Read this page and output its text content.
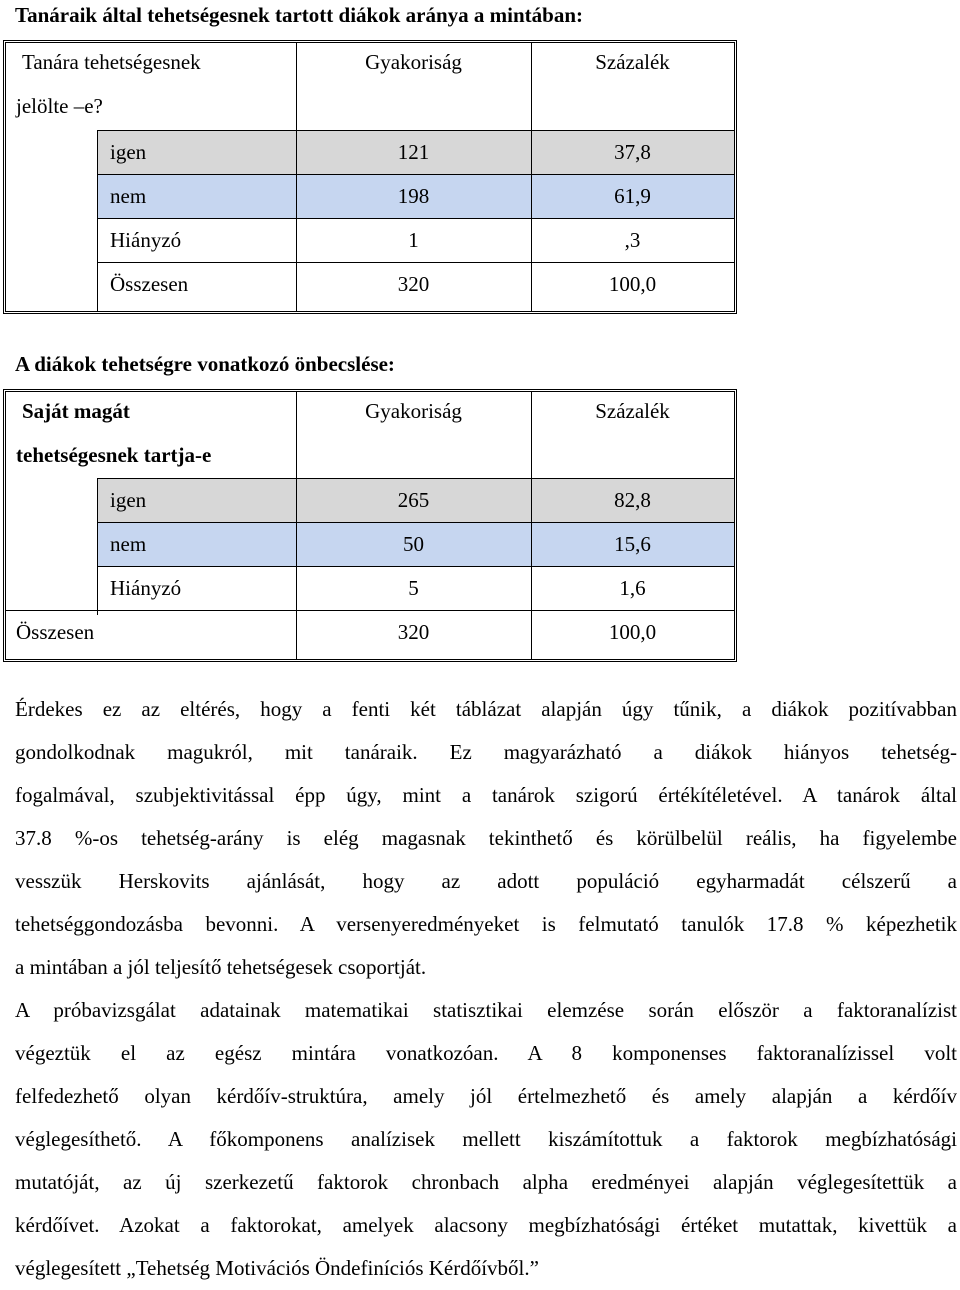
Tanáraik által tehetségesnek tartott diákok aránya a mintában:
Tanára tehetségesnek
jelölte –e?
Gyakoriság	Százalék
igen	121	37,8
nem	198	61,9
Hiányzó	1	,3
Összesen	320	100,0
A diákok tehetségre vonatkozó önbecslése:
Saját magát
tehetségesnek tartja-e
Gyakoriság	Százalék
igen	265	82,8
nem	50	15,6
Hiányzó	5	1,6
Összesen	320	100,0
Érdekes ez az eltérés, hogy a fenti két táblázat alapján úgy tűnik, a diákok pozitívabban
gondolkodnak magukról, mit tanáraik. Ez magyarázható a diákok hiányos tehetség-
fogalmával, szubjektivitással épp úgy, mint a tanárok szigorú értékítéletével. A tanárok által
37.8 %-os tehetség-arány is elég magasnak tekinthető és körülbelül reális, ha figyelembe
vesszük Herskovits ajánlását, hogy az adott populáció egyharmadát célszerű a
tehetséggondozásba bevonni. A versenyeredményeket is felmutató tanulók 17.8 % képezhetik
a mintában a jól teljesítő tehetségesek csoportját.
A próbavizsgálat adatainak matematikai statisztikai elemzése során először a faktoranalízist
végeztük el az egész mintára vonatkozóan. A 8 komponenses faktoranalízissel volt
felfedezhető olyan kérdőív-struktúra, amely jól értelmezhető és amely alapján a kérdőív
véglegesíthető. A főkomponens analízisek mellett kiszámítottuk a faktorok megbízhatósági
mutatóját, az új szerkezetű faktorok chronbach alpha eredményei alapján véglegesítettük a
kérdőívet. Azokat a faktorokat, amelyek alacsony megbízhatósági értéket mutattak, kivettük a
véglegesített „Tehetség Motivációs Öndefiníciós Kérdőívből.”
